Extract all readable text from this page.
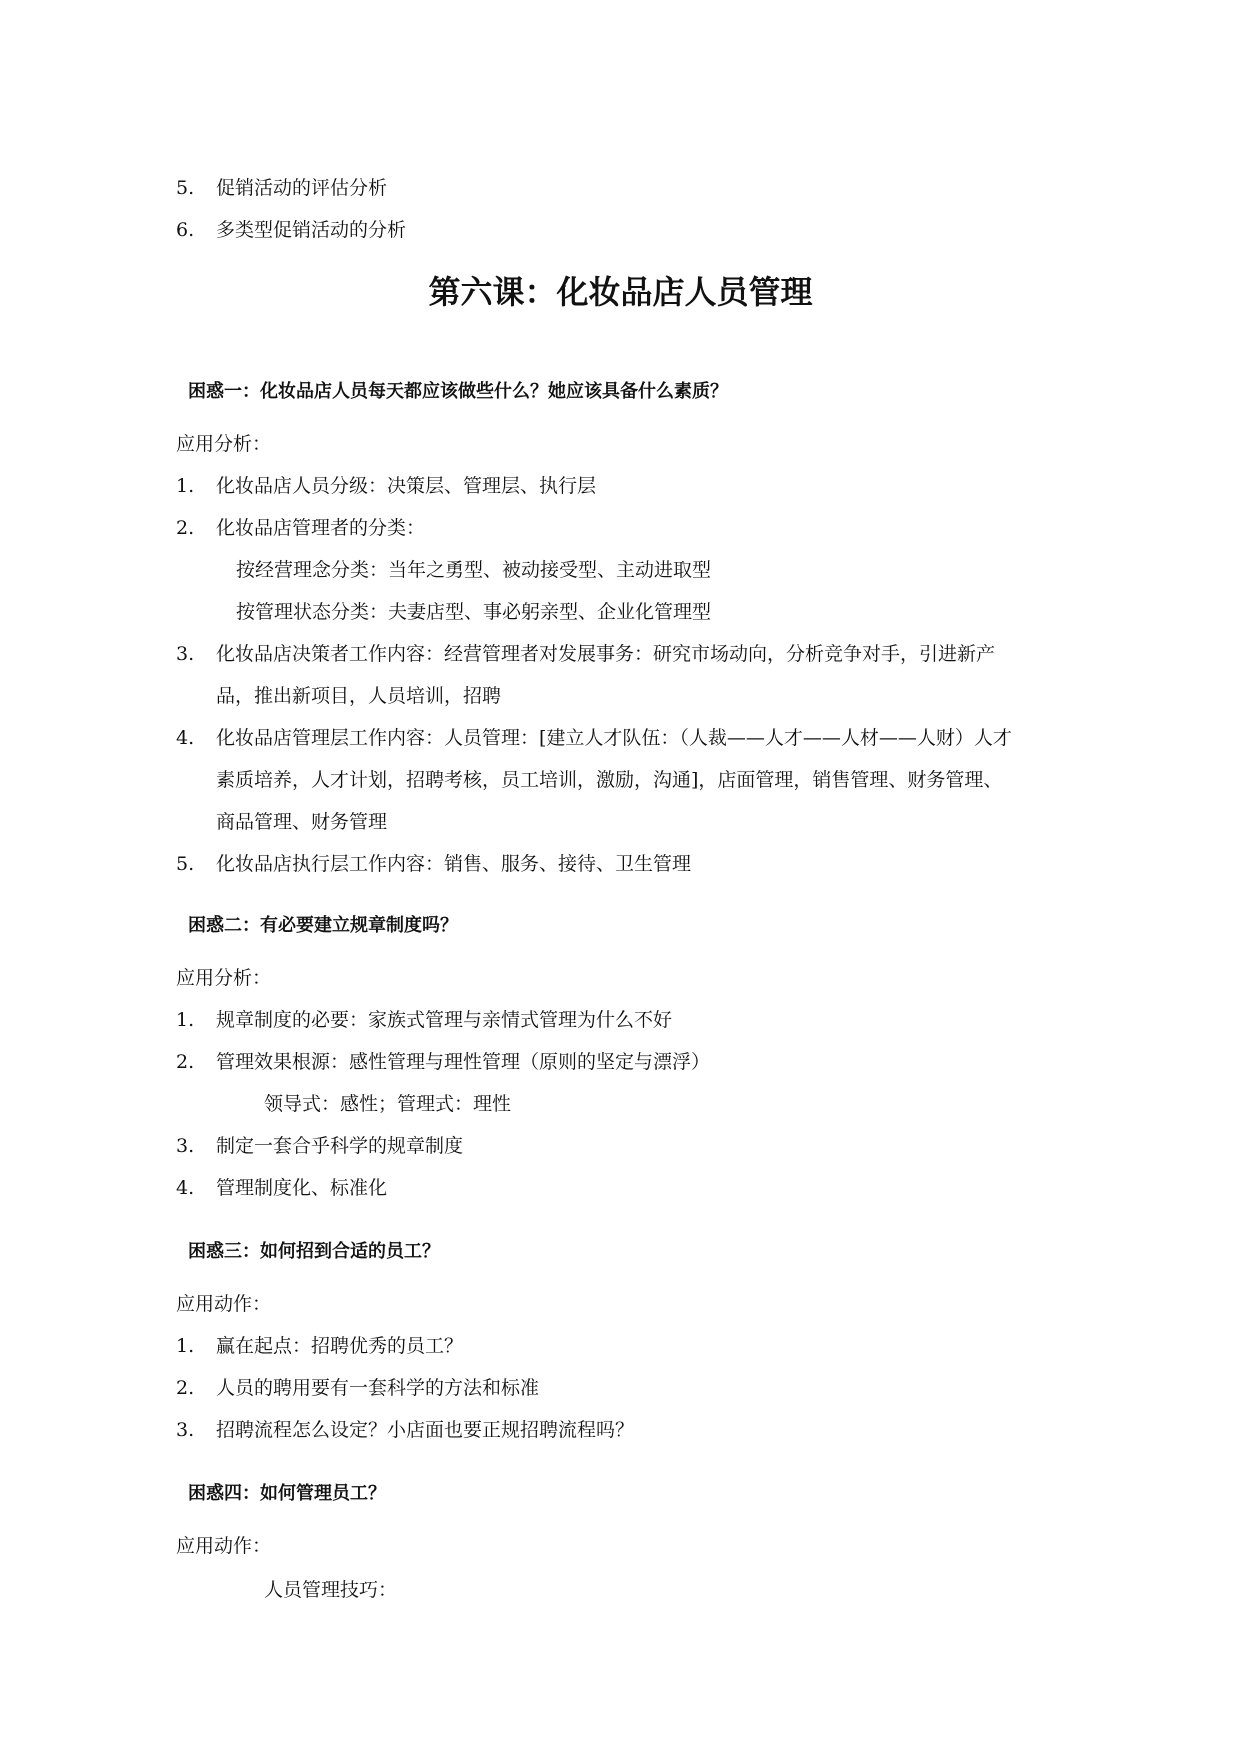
5. 促销活动的评估分析
6. 多类型促销活动的分析
第六课：化妆品店人员管理
困惑一：化妆品店人员每天都应该做些什么？她应该具备什么素质？
应用分析：
1. 化妆品店人员分级：决策层、管理层、执行层
2. 化妆品店管理者的分类：
按经营理念分类：当年之勇型、被动接受型、主动进取型
按管理状态分类：夫妻店型、事必躬亲型、企业化管理型
3. 化妆品店决策者工作内容：经营管理者对发展事务：研究市场动向，分析竞争对手，引进新产
品，推出新项目，人员培训，招聘
4. 化妆品店管理层工作内容：人员管理：[建立人才队伍：（人裁——人才——人材——人财）人才
素质培养，人才计划，招聘考核，员工培训，激励，沟通]，店面管理，销售管理、财务管理、
商品管理、财务管理
5. 化妆品店执行层工作内容：销售、服务、接待、卫生管理
困惑二：有必要建立规章制度吗？
应用分析：
1. 规章制度的必要：家族式管理与亲情式管理为什么不好
2. 管理效果根源：感性管理与理性管理（原则的坚定与漂浮）
领导式：感性；管理式：理性
3. 制定一套合乎科学的规章制度
4. 管理制度化、标准化
困惑三：如何招到合适的员工？
应用动作：
1. 赢在起点：招聘优秀的员工？
2. 人员的聘用要有一套科学的方法和标准
3. 招聘流程怎么设定？小店面也要正规招聘流程吗？
困惑四：如何管理员工？
应用动作：
人员管理技巧：
